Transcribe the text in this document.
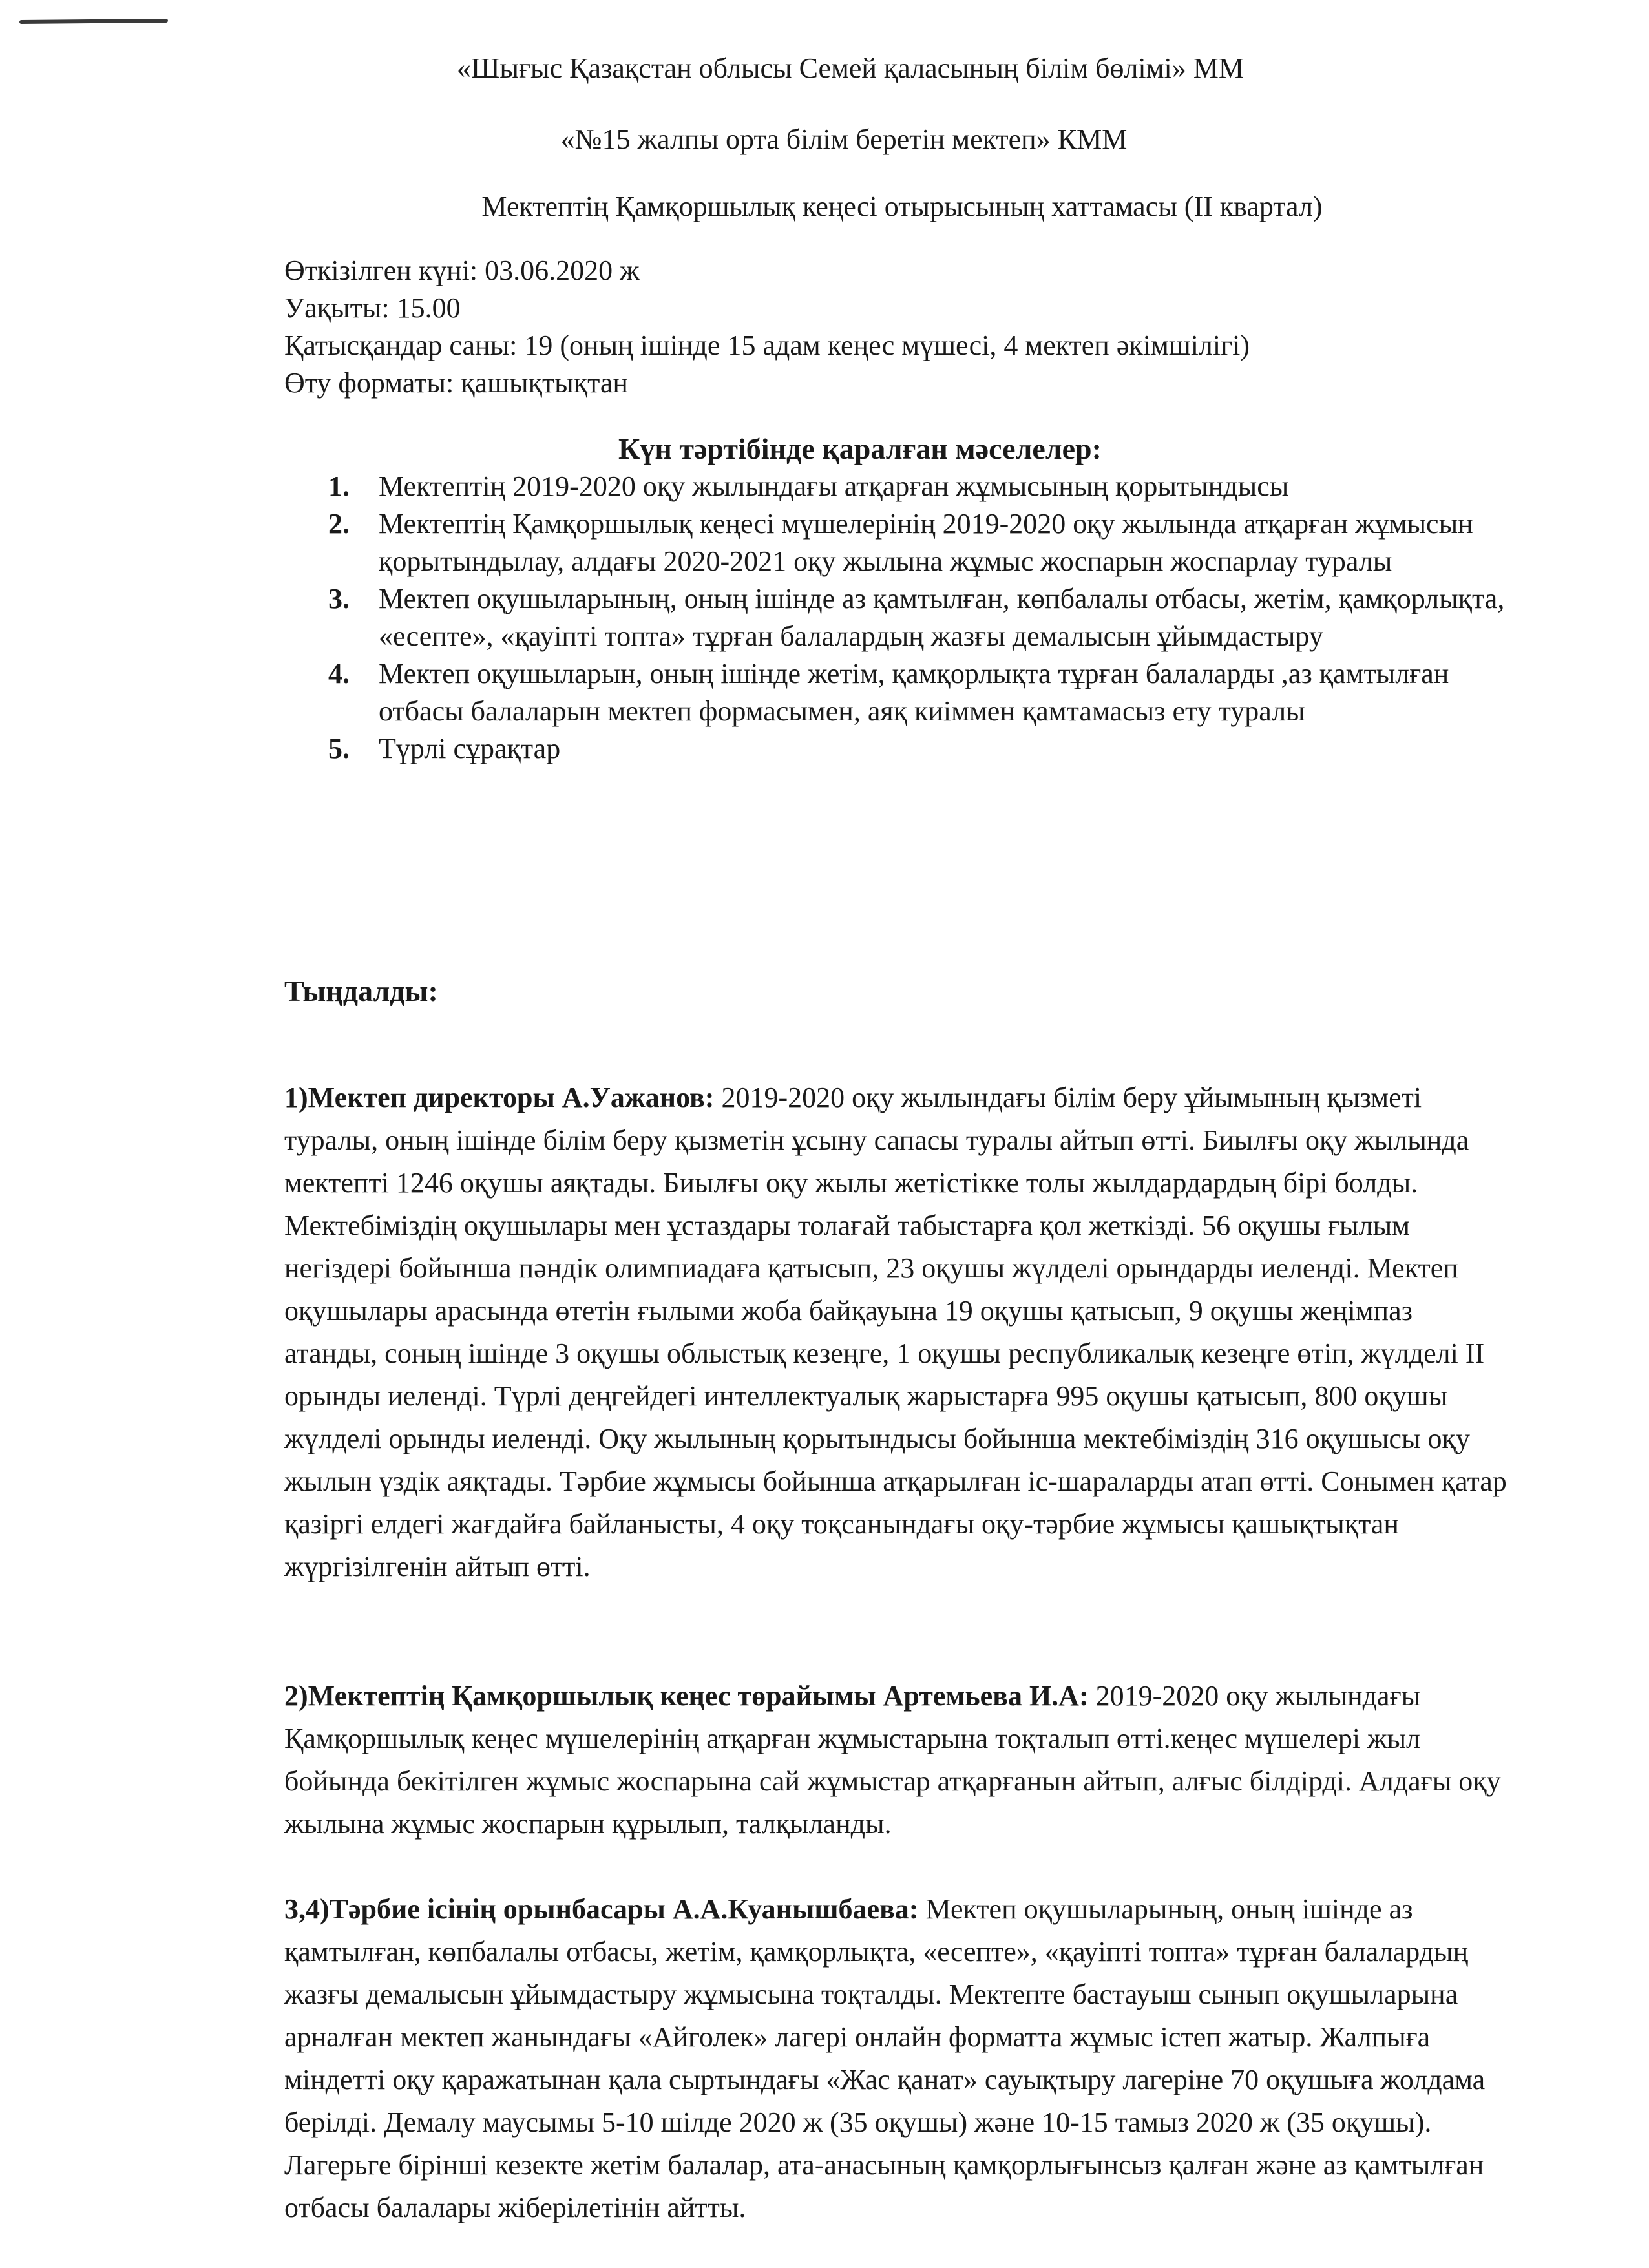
«Шығыс Қазақстан облысы Семей қаласының білім бөлімі» ММ
«№15 жалпы орта білім беретін мектеп» КММ
Мектептің Қамқоршылық кеңесі отырысының хаттамасы (ІІ квартал)
Өткізілген күні: 03.06.2020 ж
Уақыты: 15.00
Қатысқандар саны: 19 (оның ішінде 15 адам кеңес мүшесі, 4 мектеп әкімшілігі)
Өту форматы: қашықтықтан
Күн тәртібінде қаралған мәселелер:
1. Мектептің 2019-2020 оқу жылындағы атқарған жұмысының қорытындысы
2. Мектептің Қамқоршылық кеңесі мүшелерінің 2019-2020 оқу жылында атқарған жұмысын қорытындылау, алдағы 2020-2021 оқу жылына жұмыс жоспарын жоспарлау туралы
3. Мектеп оқушыларының, оның ішінде аз қамтылған, көпбалалы отбасы, жетім, қамқорлықта, «есепте», «қауіпті топта» тұрған балалардың жазғы демалысын ұйымдастыру
4. Мектеп оқушыларын, оның ішінде жетім, қамқорлықта тұрған балаларды ,аз қамтылған отбасы балаларын мектеп формасымен, аяқ киіммен қамтамасыз ету туралы
5. Түрлі сұрақтар
Тыңдалды:

1)Мектеп директоры А.Уажанов: 2019-2020 оқу жылындағы білім беру ұйымының қызметі туралы, оның ішінде білім беру қызметін ұсыну сапасы туралы айтып өтті. Биылғы оқу жылында мектепті 1246 оқушы аяқтады. Биылғы оқу жылы жетістікке толы жылдардардың бірі болды. Мектебіміздің оқушылары мен ұстаздары толағай табыстарға қол жеткізді. 56 оқушы ғылым негіздері бойынша пәндік олимпиадаға қатысып, 23 оқушы жүлделі орындарды иеленді. Мектеп оқушылары арасында өтетін ғылыми жоба байқауына 19 оқушы қатысып, 9 оқушы жеңімпаз атанды, соның ішінде 3 оқушы облыстық кезеңге, 1 оқушы республикалық кезеңге өтіп, жүлделі ІІ орынды иеленді. Түрлі деңгейдегі интеллектуалық жарыстарға 995 оқушы қатысып, 800 оқушы жүлделі орынды иеленді. Оқу жылының қорытындысы бойынша мектебіміздің 316 оқушысы оқу жылын үздік аяқтады. Тәрбие жұмысы бойынша атқарылған іс-шараларды атап өтті. Сонымен қатар қазіргі елдегі жағдайға байланысты, 4 оқу тоқсанындағы оқу-тәрбие жұмысы қашықтықтан жүргізілгенін айтып өтті.

2)Мектептің Қамқоршылық кеңес төрайымы Артемьева И.А: 2019-2020 оқу жылындағы Қамқоршылық кеңес мүшелерінің атқарған жұмыстарына тоқталып өтті.кеңес мүшелері жыл бойында бекітілген жұмыс жоспарына сай жұмыстар атқарғанын айтып, алғыс білдірді. Алдағы оқу жылына жұмыс жоспарын құрылып, талқыланды.

3,4)Тәрбие ісінің орынбасары А.А.Куанышбаева: Мектеп оқушыларының, оның ішінде аз қамтылған, көпбалалы отбасы, жетім, қамқорлықта, «есепте», «қауіпті топта» тұрған балалардың жазғы демалысын ұйымдастыру жұмысына тоқталды. Мектепте бастауыш сынып оқушыларына арналған мектеп жанындағы «Айголек» лагері онлайн форматта жұмыс істеп жатыр. Жалпыға міндетті оқу қаражатынан қала сыртындағы «Жас қанат» сауықтыру лагеріне 70 оқушыға жолдама берілді. Демалу маусымы 5-10 шілде 2020 ж (35 оқушы) және 10-15 тамыз 2020 ж (35 оқушы). Лагерьге бірінші кезекте жетім балалар, ата-анасының қамқорлығынсыз қалған және аз қамтылған отбасы балалары жіберілетінін айтты.
